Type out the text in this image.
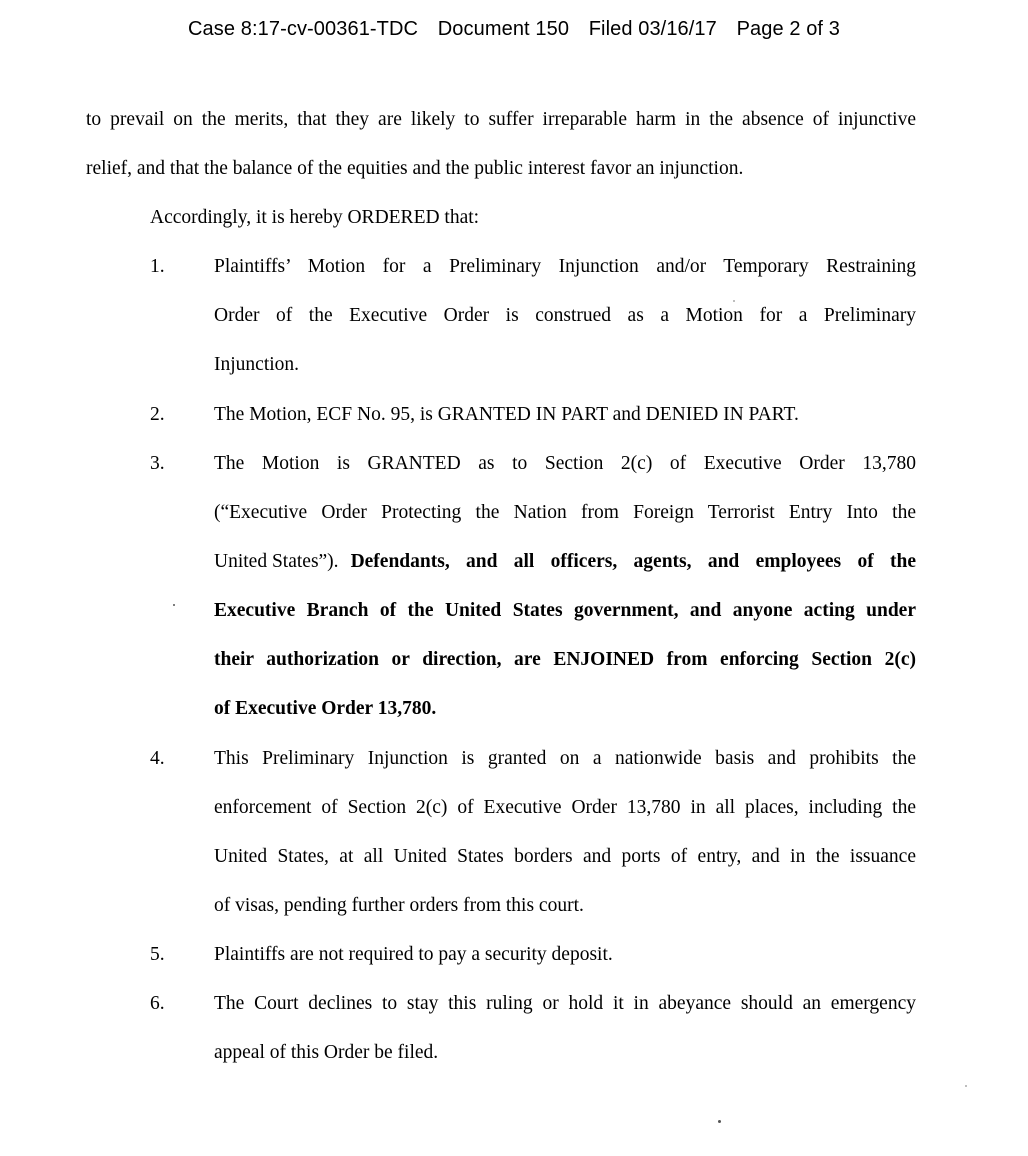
Case 8:17-cv-00361-TDC Document 150 Filed 03/16/17 Page 2 of 3
to prevail on the merits, that they are likely to suffer irreparable harm in the absence of injunctive
relief, and that the balance of the equities and the public interest favor an injunction.
Accordingly, it is hereby ORDERED that:
1.	Plaintiffs’ Motion for a Preliminary Injunction and/or Temporary Restraining
Order of the Executive Order is construed as a Motion for a Preliminary
Injunction.
2.	The Motion, ECF No. 95, is GRANTED IN PART and DENIED IN PART.
3.	The Motion is GRANTED as to Section 2(c) of Executive Order 13,780
(“Executive Order Protecting the Nation from Foreign Terrorist Entry Into the
United States”). Defendants, and all officers, agents, and employees of the
Executive Branch of the United States government, and anyone acting under
their authorization or direction, are ENJOINED from enforcing Section 2(c)
of Executive Order 13,780.
4.	This Preliminary Injunction is granted on a nationwide basis and prohibits the
enforcement of Section 2(c) of Executive Order 13,780 in all places, including the
United States, at all United States borders and ports of entry, and in the issuance
of visas, pending further orders from this court.
5.	Plaintiffs are not required to pay a security deposit.
6.	The Court declines to stay this ruling or hold it in abeyance should an emergency
appeal of this Order be filed.
